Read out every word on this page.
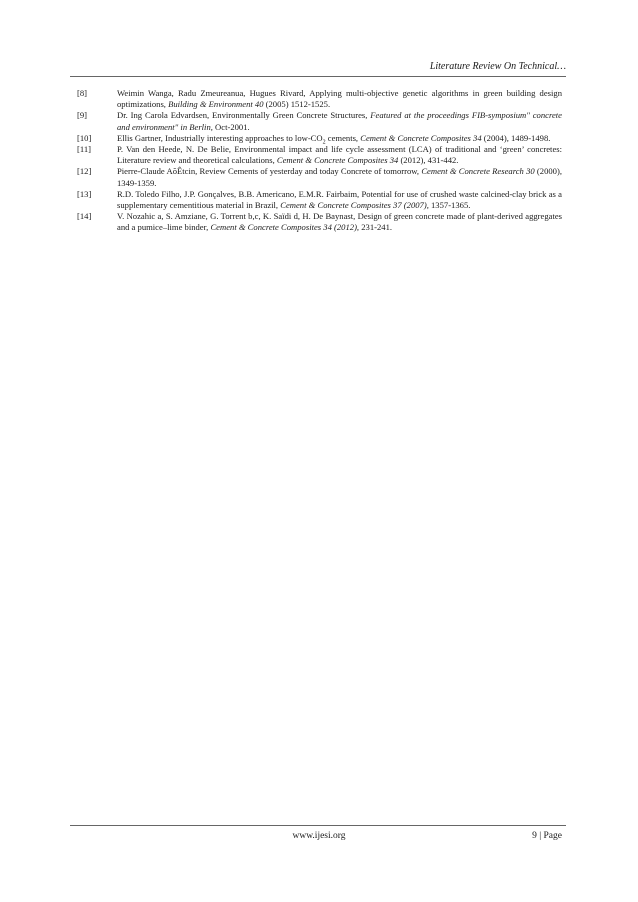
Literature Review On Technical…
[8]	Weimin Wanga, Radu Zmeureanua, Hugues Rivard, Applying multi-objective genetic algorithms in green building design optimizations, Building & Environment 40 (2005) 1512-1525.
[9]	Dr. Ing Carola Edvardsen, Environmentally Green Concrete Structures, Featured at the proceedings FIB-symposium" concrete and environment" in Berlin, Oct-2001.
[10]	Ellis Gartner, Industrially interesting approaches to low-$CO_2$ cements, Cement & Concrete Composites 34 (2004), 1489-1498.
[11]	P. Van den Heede, N. De Belie, Environmental impact and life cycle assessment (LCA) of traditional and ‘green’ concretes: Literature review and theoretical calculations, Cement & Concrete Composites 34 (2012), 431-442.
[12]	Pierre-Claude AõÊtcin, Review Cements of yesterday and today Concrete of tomorrow, Cement & Concrete Research 30 (2000), 1349-1359.
[13]	R.D. Toledo Filho, J.P. Gonçalves, B.B. Americano, E.M.R. Fairbaim, Potential for use of crushed waste calcined-clay brick as a supplementary cementitious material in Brazil, Cement & Concrete Composites 37 (2007), 1357-1365.
[14]	V. Nozahic a, S. Amziane, G. Torrent b,c, K. Saïdi d, H. De Baynast, Design of green concrete made of plant-derived aggregates and a pumice–lime binder, Cement & Concrete Composites 34 (2012), 231-241.
www.ijesi.org	9 | Page
